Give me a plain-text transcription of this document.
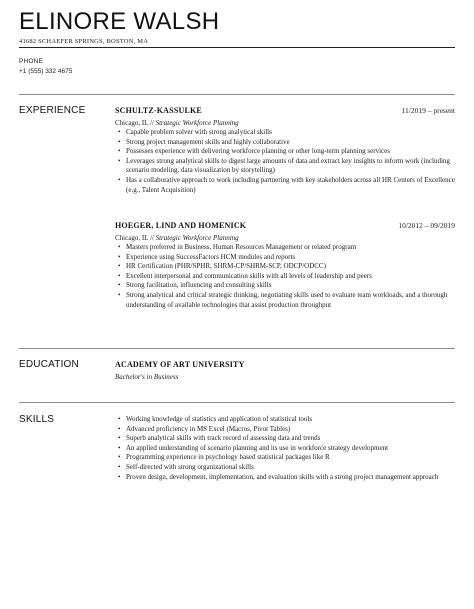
ELINORE WALSH
41682 SCHAEFER SPRINGS, BOSTON, MA
PHONE
+1 (555) 332 4675
EXPERIENCE	SCHULTZ-KASSULKE	11/2019 – present
Chicago, IL // Strategic Workforce Planning
• Capable problem solver with strong analytical skills
• Strong project management skills and highly collaborative
• Possesses experience with delivering workforce planning or other long-term planning services
• Leverages strong analytical skills to digest large amounts of data and extract key insights to inform work (including scenario modeling, data visualization by storytelling)
• Has a collaborative approach to work including partnering with key stakeholders across all HR Centers of Excellence (e.g., Talent Acquisition)
HOEGER, LIND AND HOMENICK	10/2012 – 09/2019
Chicago, IL // Strategic Workforce Planning
• Masters preferred in Business, Human Resources Management or related program
• Experience using SuccessFactors HCM modules and reports
• HR Certification (PHR/SPHR, SHRM-CP/SHRM-SCP, ODCP/ODCC)
• Excellent interpersonal and communication skills with all levels of leadership and peers
• Strong facilitation, influencing and consulting skills
• Strong analytical and critical strategic thinking, negotiating skills used to evaluate team workloads, and a thorough understanding of available technologies that assist production throughput
EDUCATION	ACADEMY OF ART UNIVERSITY
Bachelor's in Business
SKILLS
•	Working knowledge of statistics and application of statistical tools
• Advanced proficiency in MS Excel (Macros, Pivot Tables)
• Superb analytical skills with track record of assessing data and trends
• An applied understanding of scenario planning and its use in workforce strategy development
• Programming experience in psychology based statistical packages like R
• Self-directed with strong organizational skills
• Proven design, development, implementation, and evaluation skills with a strong project management approach
